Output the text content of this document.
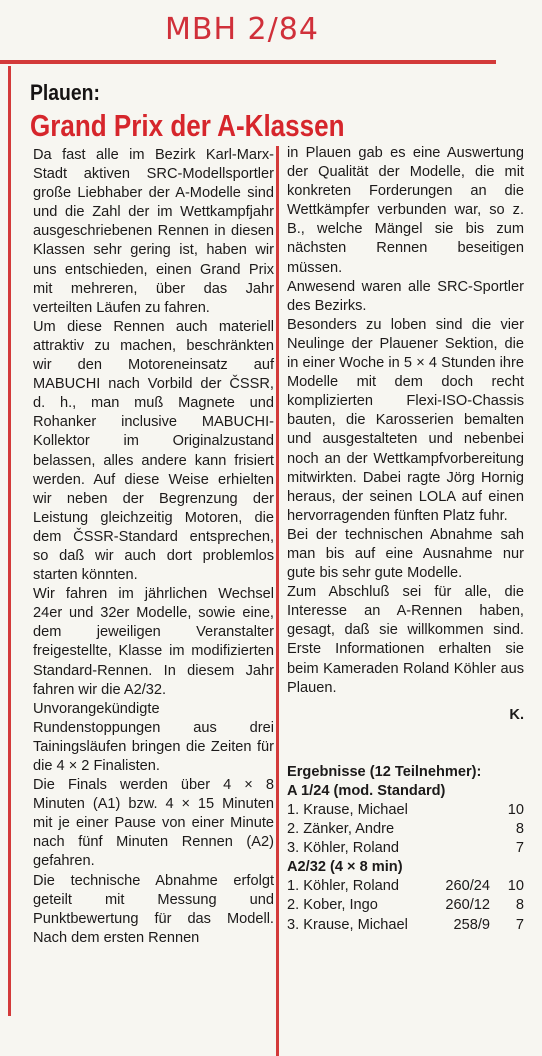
MBH 2/84
Plauen:
Grand Prix der A-Klassen

Da fast alle im Bezirk Karl-Marx-Stadt aktiven SRC-Modellsportler große Liebhaber der A-Modelle sind und die Zahl der im Wettkampfjahr ausgeschriebenen Rennen in diesen Klassen sehr gering ist, haben wir uns entschieden, einen Grand Prix mit mehreren, über das Jahr verteilten Läufen zu fahren.

Um diese Rennen auch materiell attraktiv zu machen, beschränkten wir den Motoreneinsatz auf MABUCHI nach Vorbild der ČSSR, d. h., man muß Magnete und Rohanker inclusive MABUCHI-Kollektor im Originalzustand belassen, alles andere kann frisiert werden. Auf diese Weise erhielten wir neben der Begrenzung der Leistung gleichzeitig Motoren, die dem ČSSR-Standard entsprechen, so daß wir auch dort problemlos starten könnten.

Wir fahren im jährlichen Wechsel 24er und 32er Modelle, sowie eine, dem jeweiligen Veranstalter freigestellte, Klasse im modifizierten Standard-Rennen. In diesem Jahr fahren wir die A2/32.

Unvorangekündigte Rundenstoppungen aus drei Tainingsläufen bringen die Zeiten für die 4 × 2 Finalisten.

Die Finals werden über 4 × 8 Minuten (A1) bzw. 4 × 15 Minuten mit je einer Pause von einer Minute nach fünf Minuten Rennen (A2) gefahren.

Die technische Abnahme erfolgt geteilt mit Messung und Punktbewertung für das Modell. Nach dem ersten Rennen

in Plauen gab es eine Auswertung der Qualität der Modelle, die mit konkreten Forderungen an die Wettkämpfer verbunden war, so z. B., welche Mängel sie bis zum nächsten Rennen beseitigen müssen.

Anwesend waren alle SRC-Sportler des Bezirks.

Besonders zu loben sind die vier Neulinge der Plauener Sektion, die in einer Woche in 5 × 4 Stunden ihre Modelle mit dem doch recht komplizierten Flexi-ISO-Chassis bauten, die Karosserien bemalten und ausgestalteten und nebenbei noch an der Wettkampfvorbereitung mitwirkten. Dabei ragte Jörg Hornig heraus, der seinen LOLA auf einen hervorragenden fünften Platz fuhr.

Bei der technischen Abnahme sah man bis auf eine Ausnahme nur gute bis sehr gute Modelle.

Zum Abschluß sei für alle, die Interesse an A-Rennen haben, gesagt, daß sie willkommen sind. Erste Informationen erhalten sie beim Kameraden Roland Köhler aus Plauen.

K.
Ergebnisse (12 Teilnehmer):
A 1/24 (mod. Standard)
1. Krause, Michael	10
2. Zänker, Andre	8
3. Köhler, Roland	7
A2/32 (4 × 8 min)
1. Köhler, Roland	260/24	10
2. Kober, Ingo	260/12	8
3. Krause, Michael	258/9	7
